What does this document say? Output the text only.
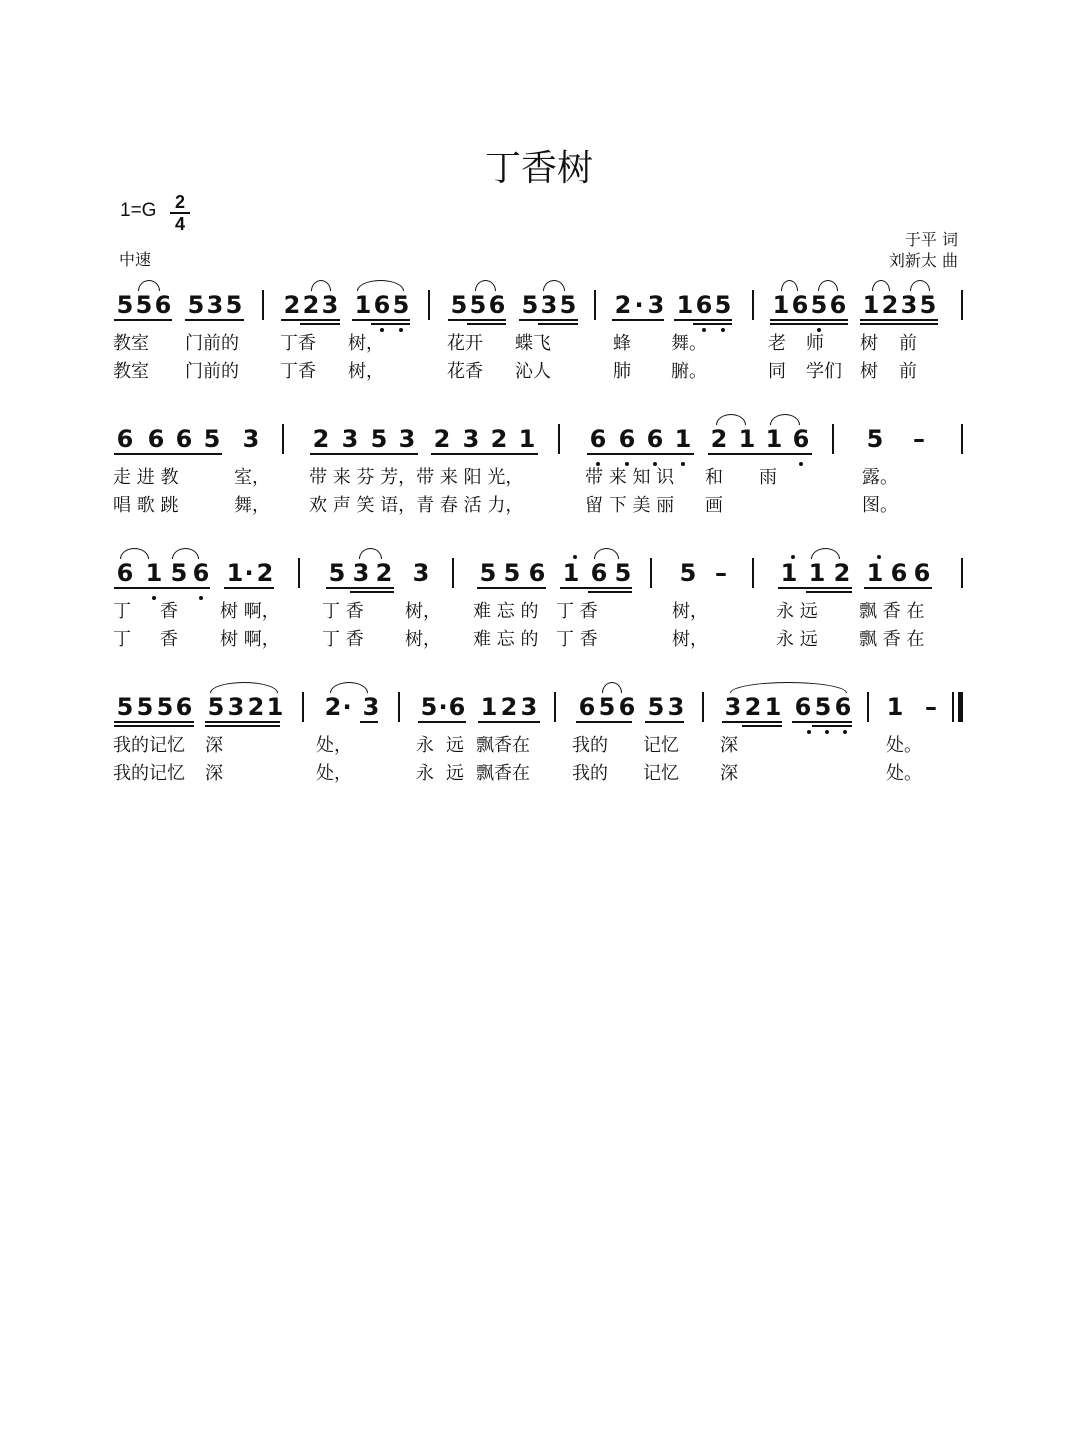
丁香树
1=G 2
4
中速
于平 词
刘新太 曲
5 5 6 5 3 5 2 2 3 1 6 5 5 5 6 5 3 5 2 · 3 1 6 5 1 6 5 6 1 2 3 5
教室 门前的 丁香 树，	花开 蝶飞	蜂 舞。	老 师 树 前
教室 门前的 丁香 树，	花香 沁人	肺 腑。	同 学们 树 前
6 6 6 5 3 2 3 5 3 2 3 2 1 6 6 6 1 2 1 1 6 5 –
走 进 教	室， 带 来 芬 芳，带 来 阳 光，	带 来 知 识 和 雨	露。
唱 歌 跳	舞， 欢 声 笑 语，青 春 活 力，	留 下 美 丽 画	图。
6 1 5 6 1 · 2 5 3 2 3 5 5 6 1 6 5 5 – 1 1 2 1 6 6
丁 香 树 啊， 丁 香 树， 难 忘 的 丁 香	树，	永 远 飘 香 在
丁 香 树 啊， 丁 香 树， 难 忘 的 丁 香	树，	永 远 飘 香 在
5 5 5 6 5 3 2 1 2 · 3 5 · 6 1 2 3 6 5 6 5 3 3 2 1 6 5 6 1 –
我的记忆 深	处，	永 远 飘香在 我的 记忆 深	处。
我的记忆 深	处，	永 远 飘香在 我的 记忆 深	处。
